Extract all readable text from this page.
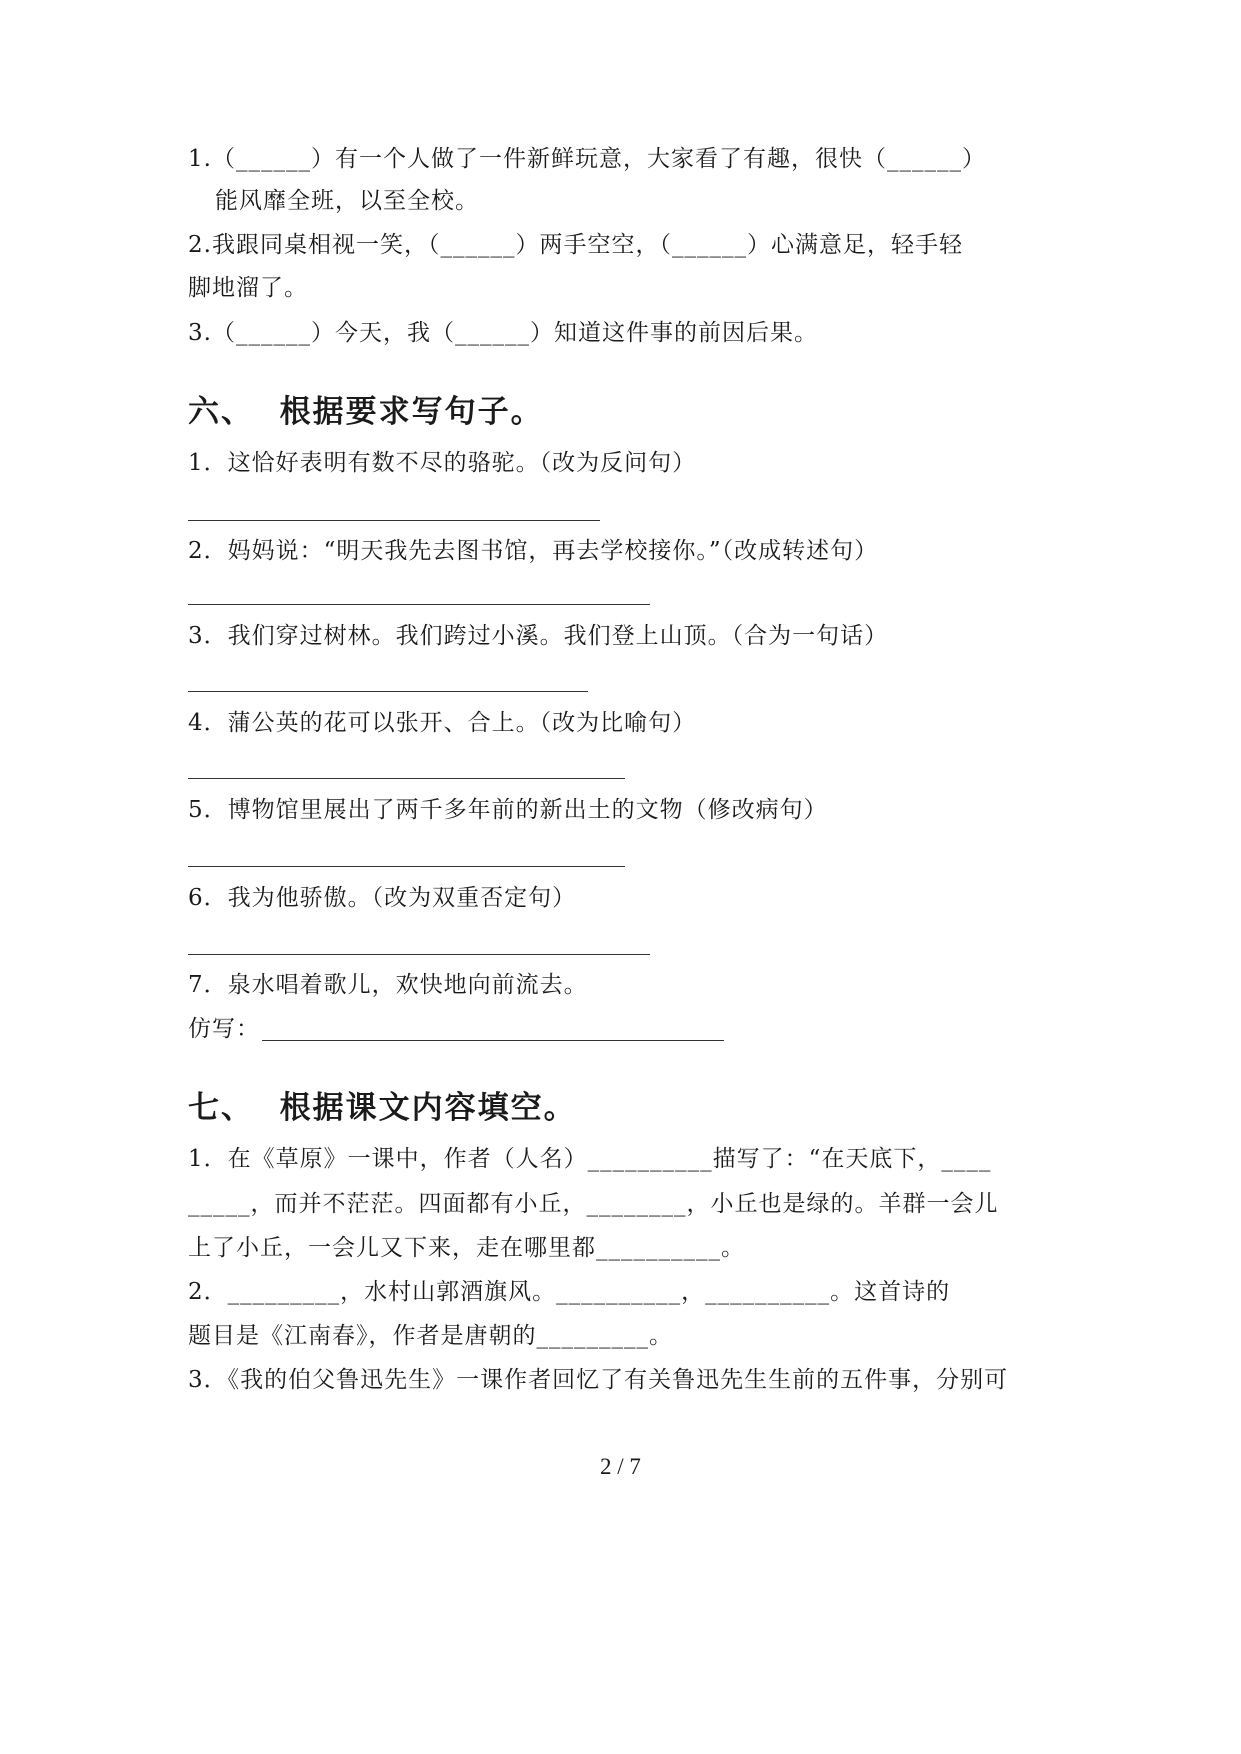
1.（______）有一个人做了一件新鲜玩意，大家看了有趣，很快（______）

能风靡全班，以至全校。

2.我跟同桌相视一笑，（______）两手空空，（______）心满意足，轻手轻

脚地溜了。

3.（______）今天，我（______）知道这件事的前因后果。

六、  根据要求写句子。

1．这恰好表明有数不尽的骆驼。（改为反问句）

2．妈妈说：“明天我先去图书馆，再去学校接你。”（改成转述句）

3．我们穿过树林。我们跨过小溪。我们登上山顶。（合为一句话）

4．蒲公英的花可以张开、合上。（改为比喻句）

5．博物馆里展出了两千多年前的新出土的文物（修改病句）

6．我为他骄傲。（改为双重否定句）

7．泉水唱着歌儿，欢快地向前流去。

仿写：

七、  根据课文内容填空。

1．在《草原》一课中，作者（人名）__________描写了：“在天底下，____

_____，而并不茫茫。四面都有小丘，________，小丘也是绿的。羊群一会儿

上了小丘，一会儿又下来，走在哪里都__________。

2．_________，水村山郭酒旗风。__________，__________。这首诗的

题目是《江南春》，作者是唐朝的_________。

3．《我的伯父鲁迅先生》一课作者回忆了有关鲁迅先生生前的五件事，分别可

2 / 7
